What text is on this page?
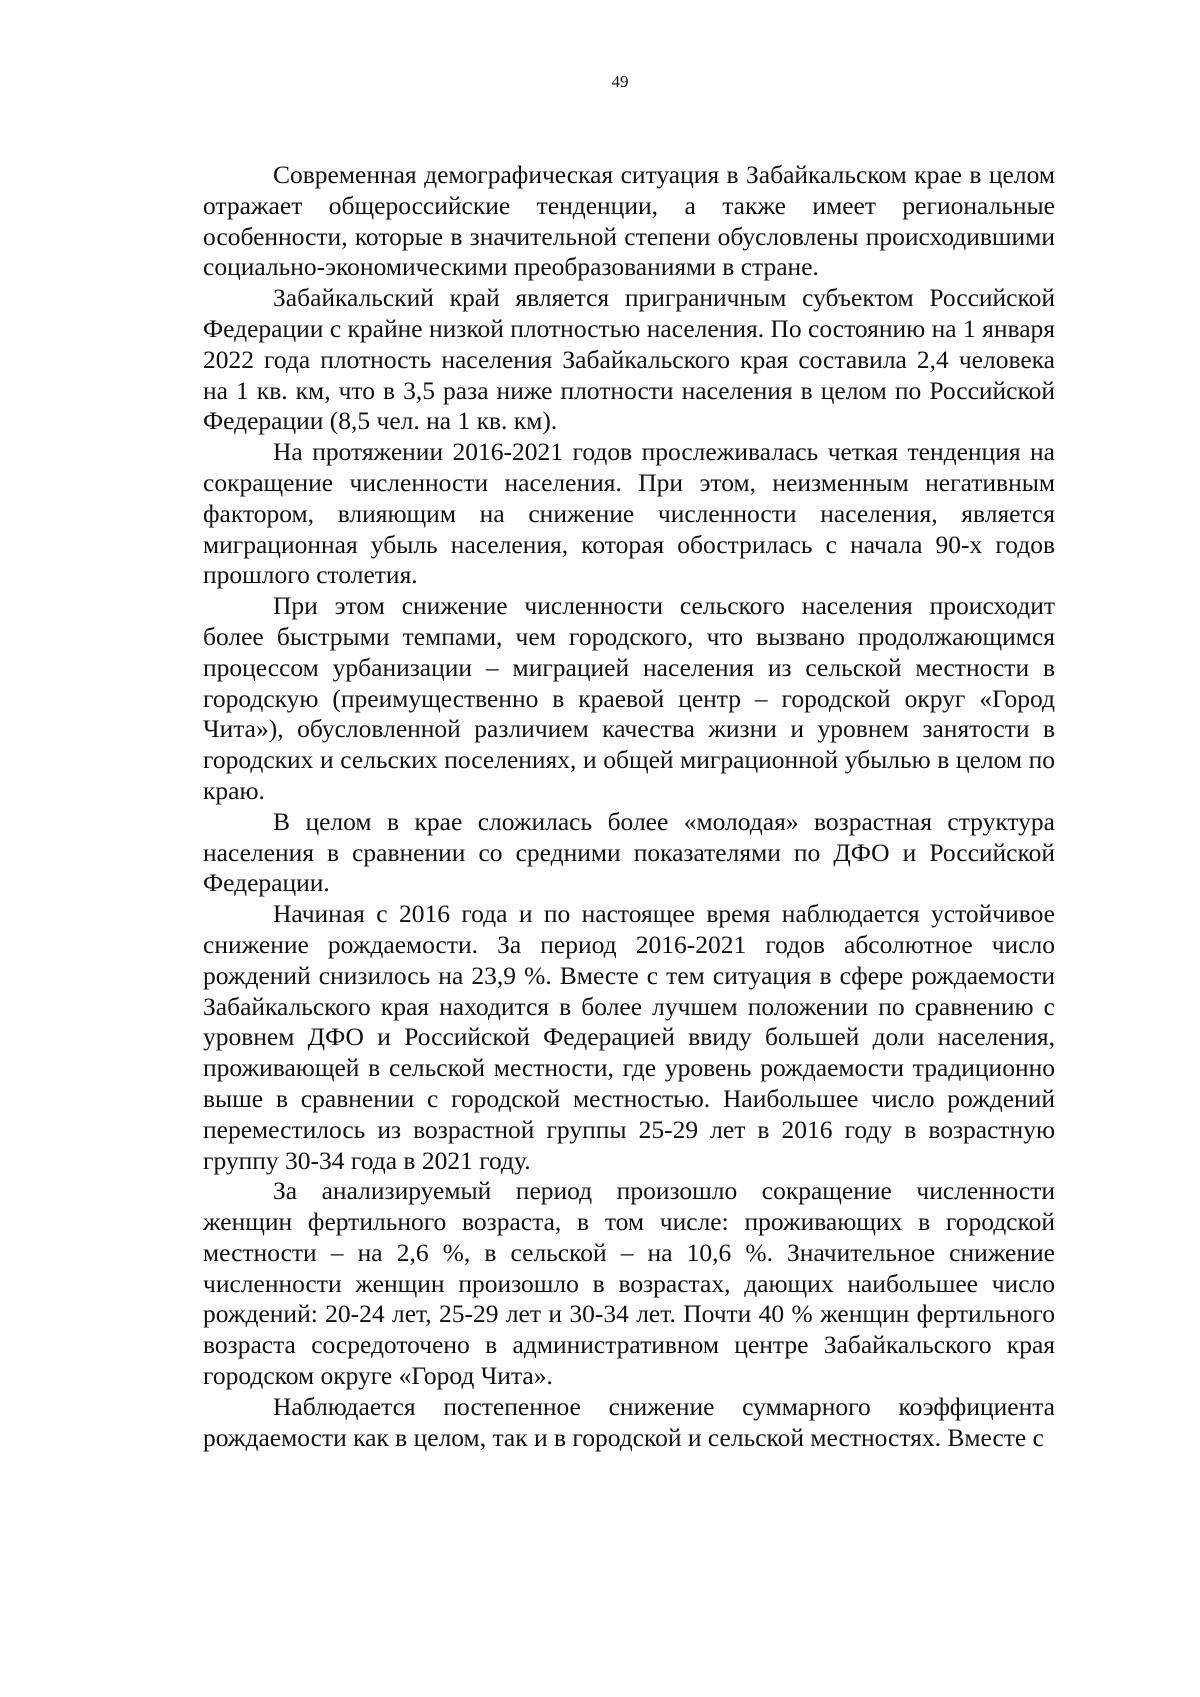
49

Современная демографическая ситуация в Забайкальском крае в целом отражает общероссийские тенденции, а также имеет региональные особенности, которые в значительной степени обусловлены происходившими социально-экономическими преобразованиями в стране.

Забайкальский край является приграничным субъектом Российской Федерации с крайне низкой плотностью населения. По состоянию на 1 января 2022 года плотность населения Забайкальского края составила 2,4 человека на 1 кв. км, что в 3,5 раза ниже плотности населения в целом по Российской Федерации (8,5 чел. на 1 кв. км).

На протяжении 2016-2021 годов прослеживалась четкая тенденция на сокращение численности населения. При этом, неизменным негативным фактором, влияющим на снижение численности населения, является миграционная убыль населения, которая обострилась с начала 90-х годов прошлого столетия.

При этом снижение численности сельского населения происходит более быстрыми темпами, чем городского, что вызвано продолжающимся процессом урбанизации – миграцией населения из сельской местности в городскую (преимущественно в краевой центр – городской округ «Город Чита»), обусловленной различием качества жизни и уровнем занятости в городских и сельских поселениях, и общей миграционной убылью в целом по краю.

В целом в крае сложилась более «молодая» возрастная структура населения в сравнении со средними показателями по ДФО и Российской Федерации.

Начиная с 2016 года и по настоящее время наблюдается устойчивое снижение рождаемости. За период 2016-2021 годов абсолютное число рождений снизилось на 23,9 %. Вместе с тем ситуация в сфере рождаемости Забайкальского края находится в более лучшем положении по сравнению с уровнем ДФО и Российской Федерацией ввиду большей доли населения, проживающей в сельской местности, где уровень рождаемости традиционно выше в сравнении с городской местностью. Наибольшее число рождений переместилось из возрастной группы 25-29 лет в 2016 году в возрастную группу 30-34 года в 2021 году.

За анализируемый период произошло сокращение численности женщин фертильного возраста, в том числе: проживающих в городской местности – на 2,6 %, в сельской – на 10,6 %. Значительное снижение численности женщин произошло в возрастах, дающих наибольшее число рождений: 20-24 лет, 25-29 лет и 30-34 лет. Почти 40 % женщин фертильного возраста сосредоточено в административном центре Забайкальского края городском округе «Город Чита».

Наблюдается постепенное снижение суммарного коэффициента рождаемости как в целом, так и в городской и сельской местностях. Вместе с
